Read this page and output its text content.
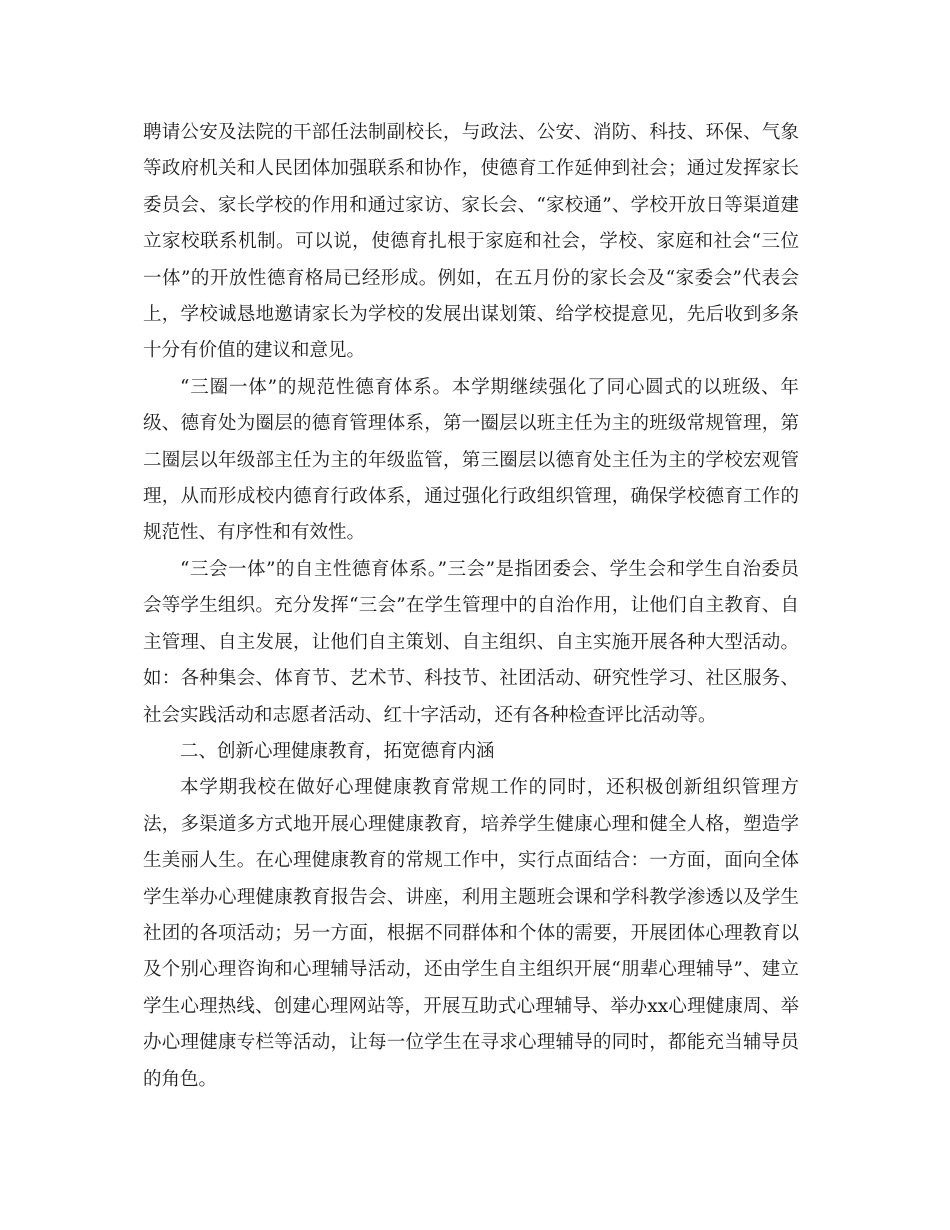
聘请公安及法院的干部任法制副校长，与政法、公安、消防、科技、环保、气象等政府机关和人民团体加强联系和协作，使德育工作延伸到社会；通过发挥家长委员会、家长学校的作用和通过家访、家长会、“家校通”、学校开放日等渠道建立家校联系机制。可以说，使德育扎根于家庭和社会，学校、家庭和社会“三位一体”的开放性德育格局已经形成。例如，在五月份的家长会及“家委会”代表会上，学校诚恳地邀请家长为学校的发展出谋划策、给学校提意见，先后收到多条十分有价值的建议和意见。

“三圈一体”的规范性德育体系。本学期继续强化了同心圆式的以班级、年级、德育处为圈层的德育管理体系，第一圈层以班主任为主的班级常规管理，第二圈层以年级部主任为主的年级监管，第三圈层以德育处主任为主的学校宏观管理，从而形成校内德育行政体系，通过强化行政组织管理，确保学校德育工作的规范性、有序性和有效性。

“三会一体”的自主性德育体系。”三会”是指团委会、学生会和学生自治委员会等学生组织。充分发挥“三会”在学生管理中的自治作用，让他们自主教育、自主管理、自主发展，让他们自主策划、自主组织、自主实施开展各种大型活动。如：各种集会、体育节、艺术节、科技节、社团活动、研究性学习、社区服务、社会实践活动和志愿者活动、红十字活动，还有各种检查评比活动等。

二、创新心理健康教育，拓宽德育内涵

本学期我校在做好心理健康教育常规工作的同时，还积极创新组织管理方法，多渠道多方式地开展心理健康教育，培养学生健康心理和健全人格，塑造学生美丽人生。在心理健康教育的常规工作中，实行点面结合：一方面，面向全体学生举办心理健康教育报告会、讲座，利用主题班会课和学科教学渗透以及学生社团的各项活动；另一方面，根据不同群体和个体的需要，开展团体心理教育以及个别心理咨询和心理辅导活动，还由学生自主组织开展“朋辈心理辅导”、建立学生心理热线、创建心理网站等，开展互助式心理辅导、举办xx心理健康周、举办心理健康专栏等活动，让每一位学生在寻求心理辅导的同时，都能充当辅导员的角色。
